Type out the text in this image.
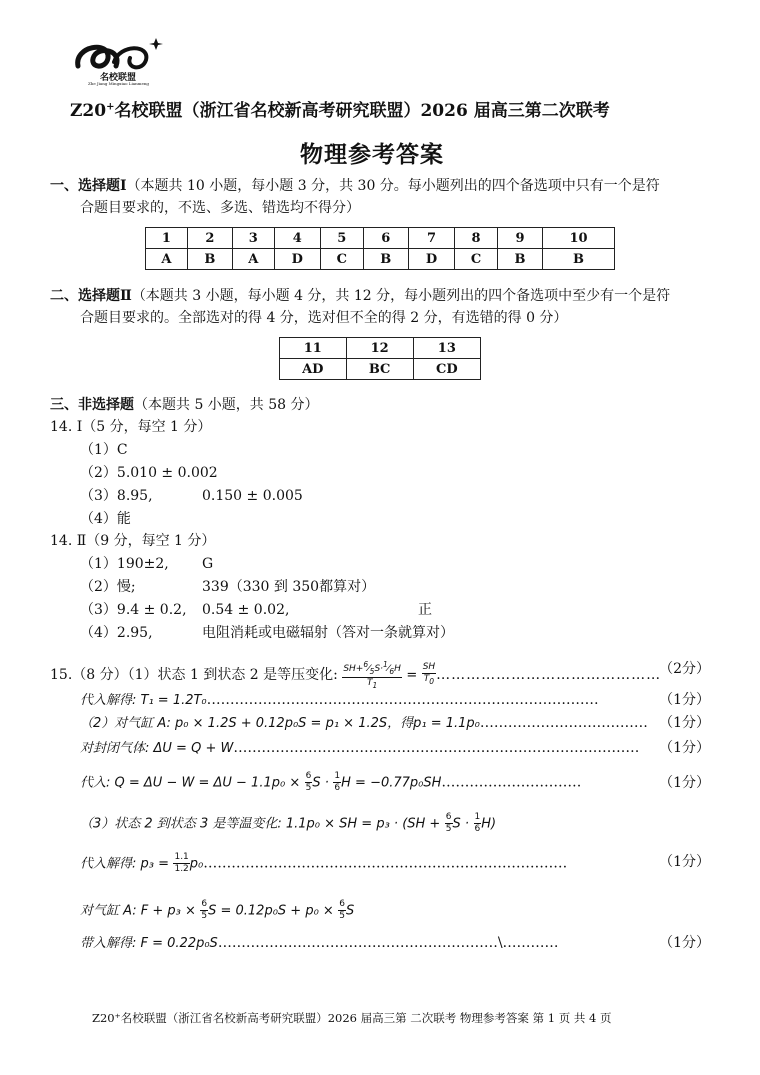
名校联盟
Zhe Jiang Mingxiao Lianmeng
Z20+名校联盟（浙江省名校新高考研究联盟）2026 届高三第二次联考
物理参考答案
一、选择题Ⅰ（本题共 10 小题，每小题 3 分，共 30 分。每小题列出的四个备选项中只有一个是符
合题目要求的，不选、多选、错选均不得分）
1	2	3	4	5	6	7	8	9	10
A	B	A	D	C	B	D	C	B	B
二、选择题Ⅱ（本题共 3 小题，每小题 4 分，共 12 分，每小题列出的四个备选项中至少有一个是符
合题目要求的。全部选对的得 4 分，选对但不全的得 2 分，有选错的得 0 分）
11	12	13
AD	BC	CD
三、非选择题（本题共 5 小题，共 58 分）
14. Ⅰ（5 分，每空 1 分）
（1）C
（2）5.010 ± 0.002
（3）8.95,	0.150 ± 0.005
（4）能
14. Ⅱ（9 分，每空 1 分）
（1）190±2, G
（2）慢;	339（330 到 350都算对）
（3）9.4 ± 0.2, 0.54 ± 0.02,	正
（4）2.95,	电阻消耗或电磁辐射（答对一条就算对）
15.（8 分）（1）状态 1 到状态 2 是等压变化: $\frac{SH+^6⁄_5S\cdot^1⁄_6H}{T_1} = \frac{SH}{T_0}$ ………………………………………
（2分）
代入解得: T₁ = 1.2T₀…………………………………………………………………………	（1分）
（2）对气缸 A: p₀ × 1.2S + 0.12p₀S = p₁ × 1.2S，得p₁ = 1.1p₀……………………………… （1分）
对封闭气体: ΔU = Q + W…………………………………………………………………………… （1分）
代入: $Q = \Delta U - W = \Delta U - 1.1p_0 \times \frac{6}{5}$ $S \cdot \frac{1}{6}$ H = −0.77p₀SH…………………………	（1分）
（3）状态 2 到状态 3 是等温变化: 1.1p₀ × SH = $p_3 \cdot (SH + \frac{6}{5}$ $S \cdot \frac{1}{6} H$)
代入解得: $p_3 = \frac{1.1}{1.2}$ p₀……………………………………………………………………	（1分）
对气缸 A: $F + p_3 \times \frac{6}{5}$ $S = 0.12p_0S + p_0 \times \frac{6}{5}$ S
带入解得: F = 0.22p₀S……………………………………………………\…………	（1分）
Z20⁺名校联盟（浙江省名校新高考研究联盟）2026 届高三第 二次联考 物理参考答案 第 1 页 共 4 页
